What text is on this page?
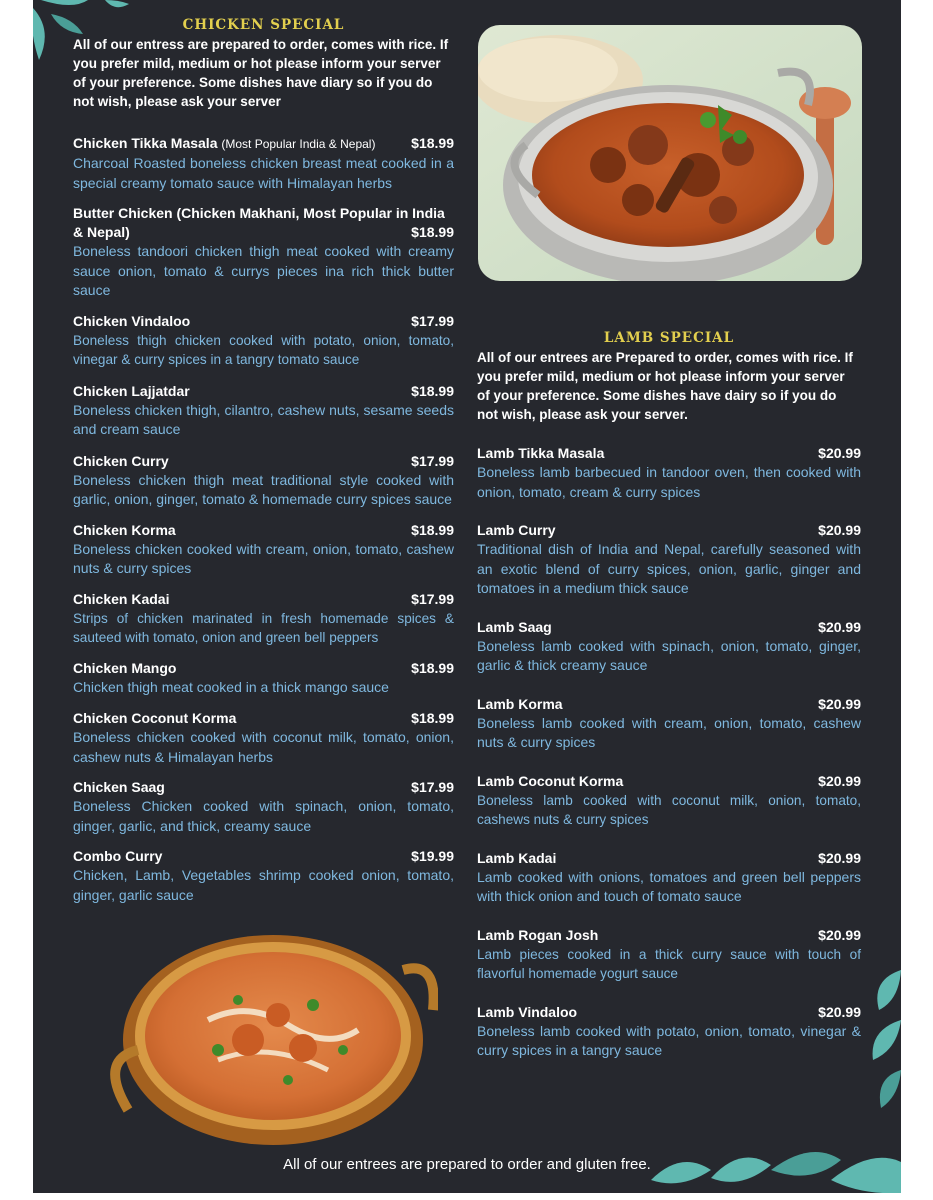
CHICKEN SPECIAL
All of our entress are prepared to order, comes with rice. If you prefer mild, medium or hot please inform your server of your preference. Some dishes have diary so if you do not wish, please ask your server
Chicken Tikka Masala (Most Popular India & Nepal)	$18.99
Charcoal Roasted boneless chicken breast meat cooked in a special creamy tomato sauce with Himalayan herbs
Butter Chicken (Chicken Makhani, Most Popular in India & Nepal)	$18.99
Boneless tandoori chicken thigh meat cooked with creamy sauce onion, tomato & currys pieces ina rich thick butter sauce
Chicken Vindaloo	$17.99
Boneless thigh chicken cooked with potato, onion, tomato, vinegar & curry spices in a tangry tomato sauce
Chicken Lajjatdar	$18.99
Boneless chicken thigh, cilantro, cashew nuts, sesame seeds and cream sauce
Chicken Curry	$17.99
Boneless chicken thigh meat traditional style cooked with garlic, onion, ginger, tomato & homemade curry spices sauce
Chicken Korma	$18.99
Boneless chicken cooked with cream, onion, tomato, cashew nuts & curry spices
Chicken Kadai	$17.99
Strips of chicken marinated in fresh homemade spices & sauteed with tomato, onion and green bell peppers
Chicken Mango	$18.99
Chicken thigh meat cooked in a thick mango sauce
Chicken Coconut Korma	$18.99
Boneless chicken cooked with coconut milk, tomato, onion, cashew nuts & Himalayan herbs
Chicken Saag	$17.99
Boneless Chicken cooked with spinach, onion, tomato, ginger, garlic, and thick, creamy sauce
Combo Curry	$19.99
Chicken, Lamb, Vegetables shrimp cooked onion, tomato, ginger, garlic sauce
LAMB SPECIAL
All of our entrees are Prepared to order, comes with rice. If you prefer mild, medium or hot please inform your server of your preference. Some dishes have dairy so if you do not wish, please ask your server.
Lamb Tikka Masala	$20.99
Boneless lamb barbecued in tandoor oven, then cooked with onion, tomato, cream & curry spices
Lamb Curry	$20.99
Traditional dish of India and Nepal, carefully seasoned with an exotic blend of curry spices, onion, garlic, ginger and tomatoes in a medium thick sauce
Lamb Saag	$20.99
Boneless lamb cooked with spinach, onion, tomato, ginger, garlic & thick creamy sauce
Lamb Korma	$20.99
Boneless lamb cooked with cream, onion, tomato, cashew nuts & curry spices
Lamb Coconut Korma	$20.99
Boneless lamb cooked with coconut milk, onion, tomato, cashews nuts & curry spices
Lamb Kadai	$20.99
Lamb cooked with onions, tomatoes and green bell peppers with thick onion and touch of tomato sauce
Lamb Rogan Josh	$20.99
Lamb pieces cooked in a thick curry sauce with touch of flavorful homemade yogurt sauce
Lamb Vindaloo	$20.99
Boneless lamb cooked with potato, onion, tomato, vinegar & curry spices in a tangry sauce
All of our entrees are prepared to order and gluten free.
